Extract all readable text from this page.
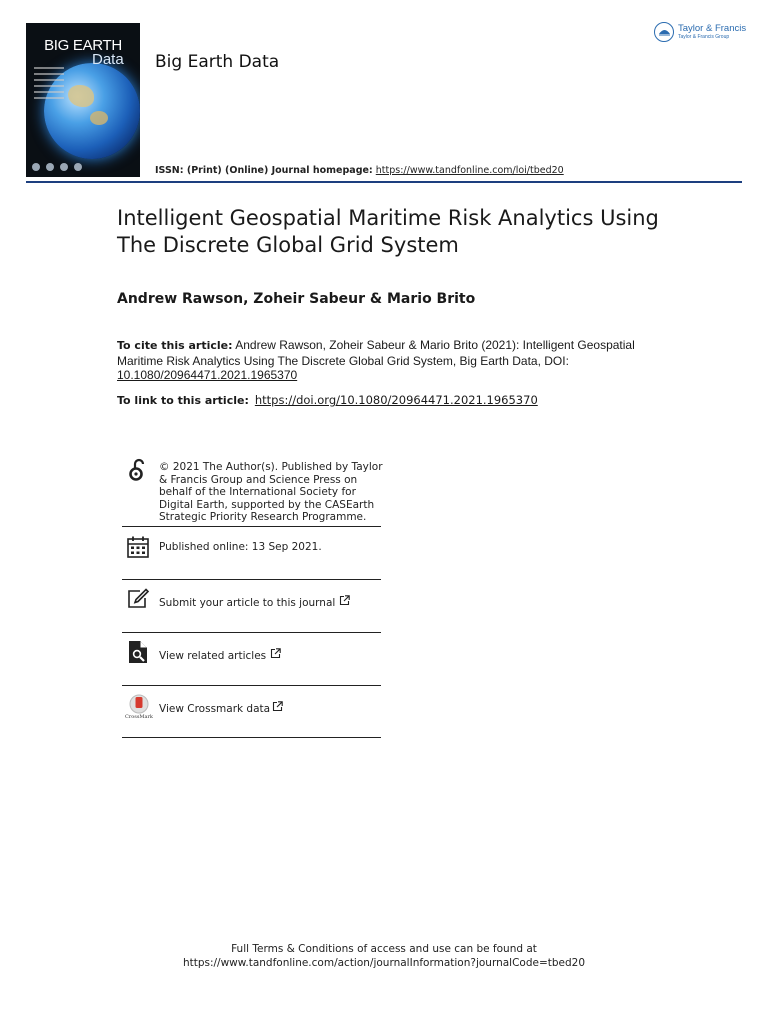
BIG EARTH
Data Big Earth Data
ISSN: (Print) (Online) Journal homepage: https://www.tandfonline.com/loi/tbed20
Taylor & Francis
Taylor & Francis Group
Intelligent Geospatial Maritime Risk Analytics Using The Discrete Global Grid System
Andrew Rawson, Zoheir Sabeur & Mario Brito
To cite this article: Andrew Rawson, Zoheir Sabeur & Mario Brito (2021): Intelligent Geospatial Maritime Risk Analytics Using The Discrete Global Grid System, Big Earth Data, DOI: 10.1080/20964471.2021.1965370
To link to this article: https://doi.org/10.1080/20964471.2021.1965370
© 2021 The Author(s). Published by Taylor & Francis Group and Science Press on behalf of the International Society for Digital Earth, supported by the CASEarth Strategic Priority Research Programme.
Published online: 13 Sep 2021.
Submit your article to this journal
View related articles
CrossMark
View Crossmark data
Full Terms & Conditions of access and use can be found at
https://www.tandfonline.com/action/journalInformation?journalCode=tbed20
